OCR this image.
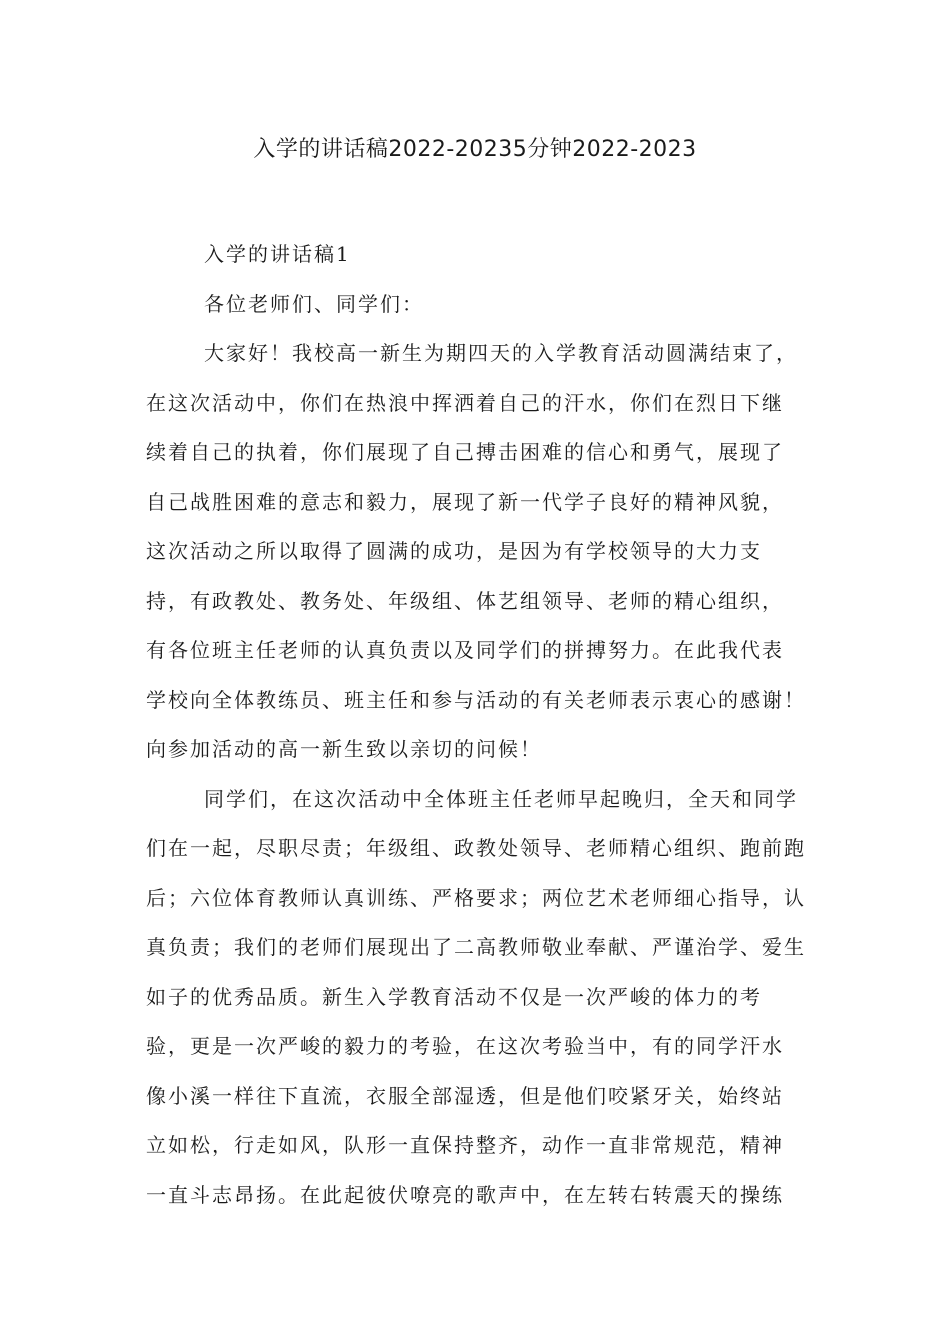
入学的讲话稿2022-20235分钟2022-2023

入学的讲话稿1

各位老师们、同学们：

大家好！我校高一新生为期四天的入学教育活动圆满结束了，

在这次活动中，你们在热浪中挥洒着自己的汗水，你们在烈日下继

续着自己的执着，你们展现了自己搏击困难的信心和勇气，展现了

自己战胜困难的意志和毅力，展现了新一代学子良好的精神风貌，

这次活动之所以取得了圆满的成功，是因为有学校领导的大力支

持，有政教处、教务处、年级组、体艺组领导、老师的精心组织，

有各位班主任老师的认真负责以及同学们的拼搏努力。在此我代表

学校向全体教练员、班主任和参与活动的有关老师表示衷心的感谢！

向参加活动的高一新生致以亲切的问候！

同学们，在这次活动中全体班主任老师早起晚归，全天和同学

们在一起，尽职尽责；年级组、政教处领导、老师精心组织、跑前跑

后；六位体育教师认真训练、严格要求；两位艺术老师细心指导，认

真负责；我们的老师们展现出了二高教师敬业奉献、严谨治学、爱生

如子的优秀品质。新生入学教育活动不仅是一次严峻的体力的考

验，更是一次严峻的毅力的考验，在这次考验当中，有的同学汗水

像小溪一样往下直流，衣服全部湿透，但是他们咬紧牙关，始终站

立如松，行走如风，队形一直保持整齐，动作一直非常规范，精神

一直斗志昂扬。在此起彼伏嘹亮的歌声中，在左转右转震天的操练
